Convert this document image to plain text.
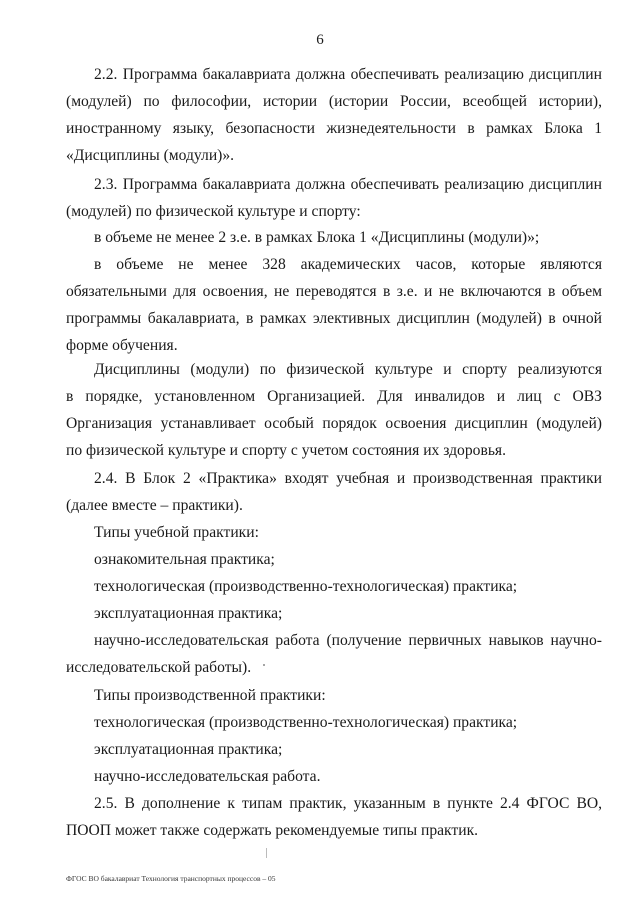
6
2.2. Программа бакалавриата должна обеспечивать реализацию дисциплин
(модулей) по философии, истории (истории России, всеобщей истории),
иностранному языку, безопасности жизнедеятельности в рамках Блока 1
«Дисциплины (модули)».
2.3. Программа бакалавриата должна обеспечивать реализацию дисциплин
(модулей) по физической культуре и спорту:
в объеме не менее 2 з.е. в рамках Блока 1 «Дисциплины (модули)»;
в объеме не менее 328 академических часов, которые являются
обязательными для освоения, не переводятся в з.е. и не включаются в объем
программы бакалавриата, в рамках элективных дисциплин (модулей) в очной
форме обучения.
Дисциплины (модули) по физической культуре и спорту реализуются
в порядке, установленном Организацией. Для инвалидов и лиц с ОВЗ
Организация устанавливает особый порядок освоения дисциплин (модулей)
по физической культуре и спорту с учетом состояния их здоровья.
2.4. В Блок 2 «Практика» входят учебная и производственная практики
(далее вместе – практики).
Типы учебной практики:
ознакомительная практика;
технологическая (производственно-технологическая) практика;
эксплуатационная практика;
научно-исследовательская работа (получение первичных навыков научно-
исследовательской работы).
Типы производственной практики:
технологическая (производственно-технологическая) практика;
эксплуатационная практика;
научно-исследовательская работа.
2.5. В дополнение к типам практик, указанным в пункте 2.4 ФГОС ВО,
ПООП может также содержать рекомендуемые типы практик.
ФГОС ВО бакалавриат Технология транспортных процессов – 05
